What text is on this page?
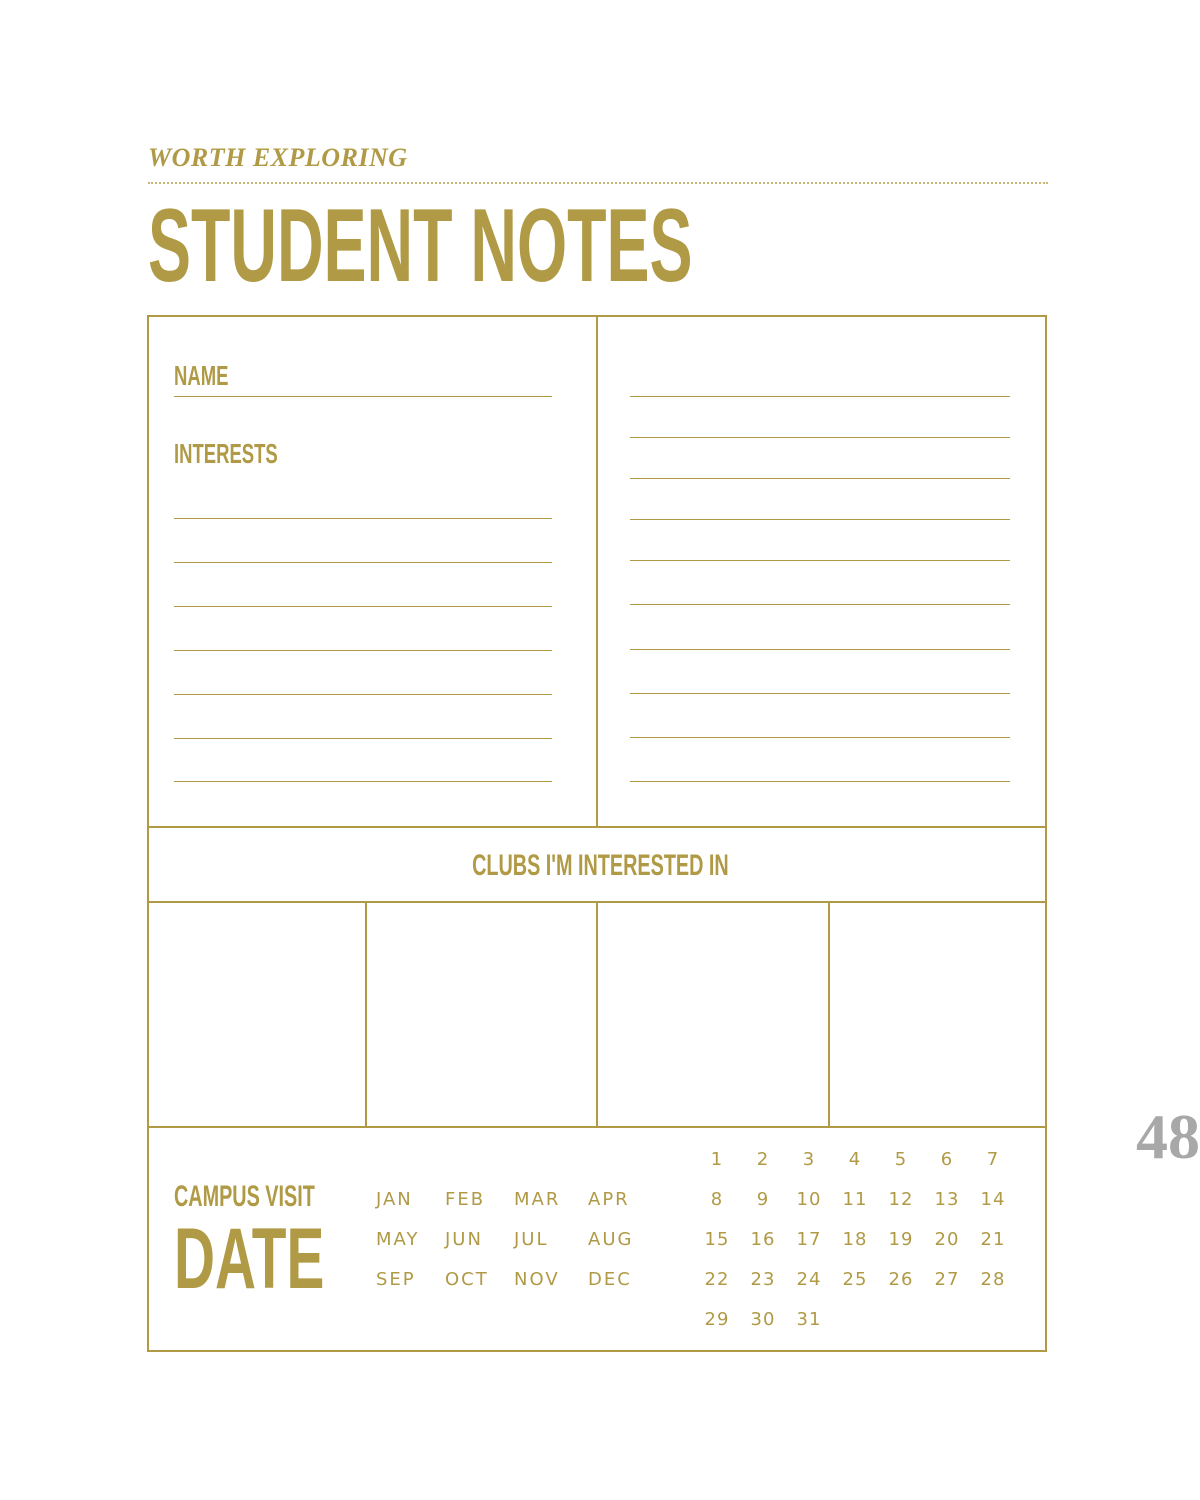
WORTH EXPLORING
STUDENT NOTES
NAME
INTERESTS
CLUBS I'M INTERESTED IN
CAMPUS VISIT
DATE
JAN FEB MAR APR
MAY JUN JUL AUG
SEP OCT NOV DEC
1	2	3	4	5	6	7
8	9	10 11 12 13 14
15 16 17 18 19 20 21
22 23 24 25 26 27 28
29 30 31
48
